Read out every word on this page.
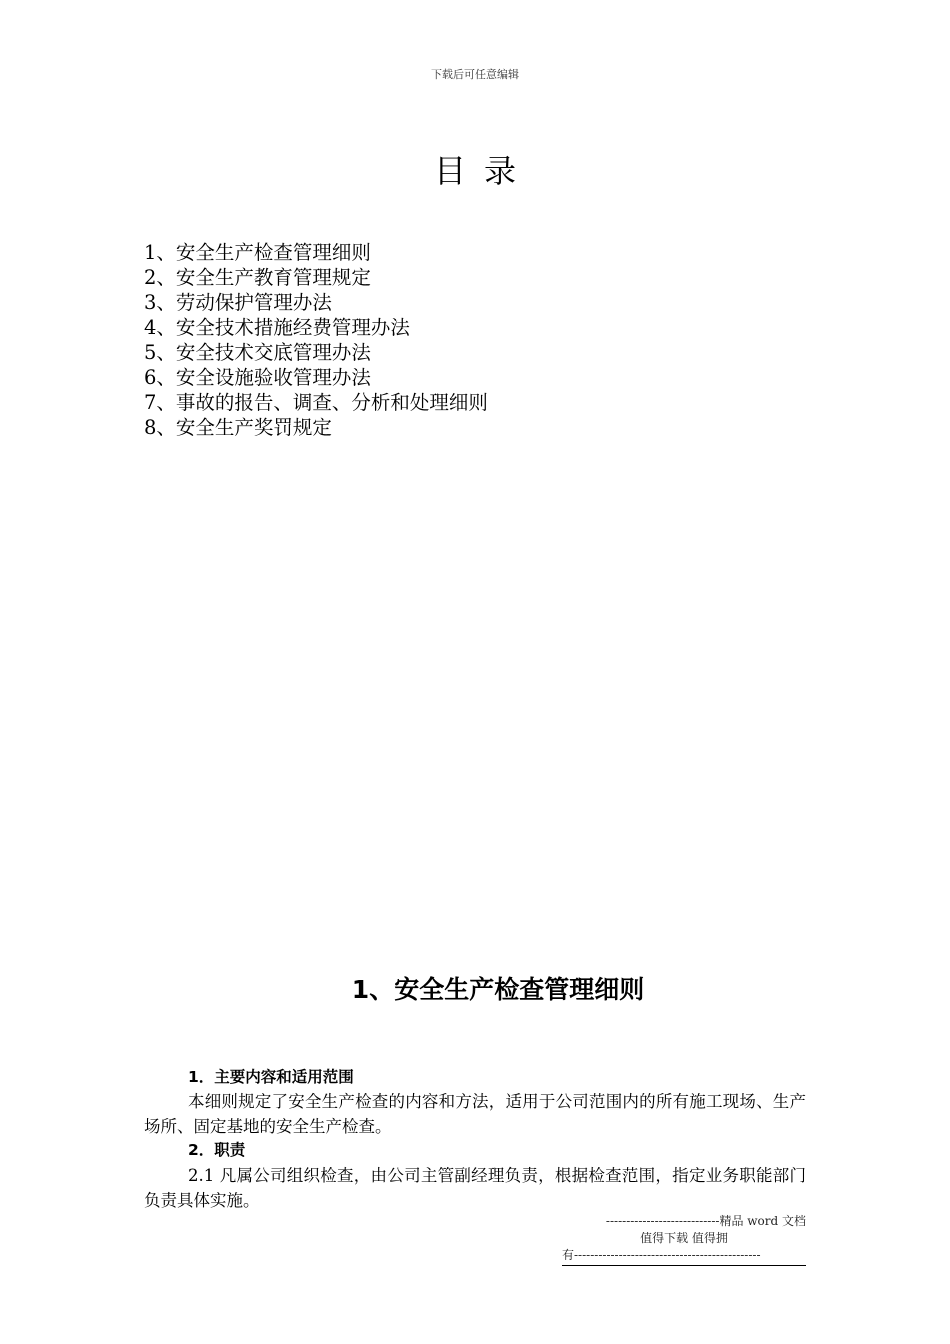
下载后可任意编辑
目录
1、安全生产检查管理细则
2、安全生产教育管理规定
3、劳动保护管理办法
4、安全技术措施经费管理办法
5、安全技术交底管理办法
6、安全设施验收管理办法
7、事故的报告、调查、分析和处理细则
8、安全生产奖罚规定
1、安全生产检查管理细则
1．主要内容和适用范围
本细则规定了安全生产检查的内容和方法，适用于公司范围内的所有施工现场、生产场所、固定基地的安全生产检查。
2．职责
2.1 凡属公司组织检查，由公司主管副经理负责，根据检查范围，指定业务职能部门负责具体实施。
----------------------------精品 word 文档
值得下载 值得拥
有----------------------------------------------
